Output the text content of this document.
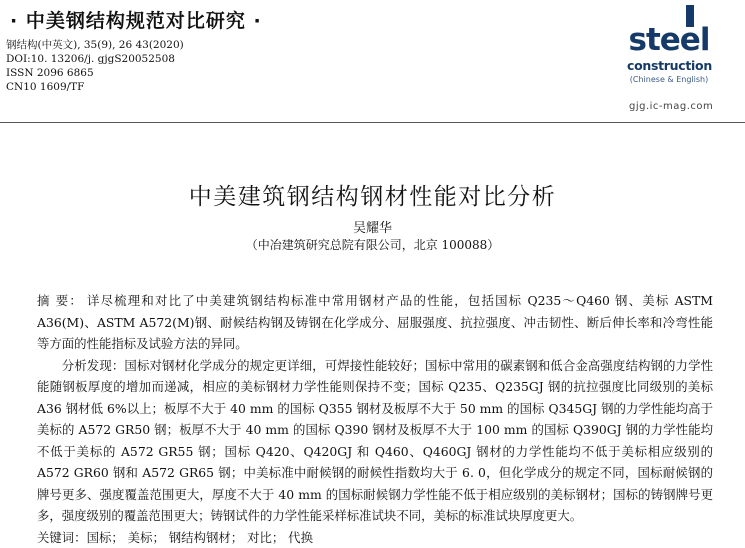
· 中美钢结构规范对比研究 ·
钢结构(中英文), 35(9), 26 43(2020)
DOI:10. 13206/j. gjgS20052508
ISSN 2096 6865
CN10 1609/TF
steel
construction
(Chinese & English)
gjg.ic-mag.com
中美建筑钢结构钢材性能对比分析
吴耀华
（中冶建筑研究总院有限公司，北京 100088）

摘 要： 详尽梳理和对比了中美建筑钢结构标准中常用钢材产品的性能，包括国标 Q235～Q460 钢、美标 ASTM A36(M)、ASTM A572(M)钢、耐候结构钢及铸钢在化学成分、屈服强度、抗拉强度、冲击韧性、断后伸长率和冷弯性能等方面的性能指标及试验方法的异同。

分析发现：国标对钢材化学成分的规定更详细，可焊接性能较好；国标中常用的碳素钢和低合金高强度结构钢的力学性能随钢板厚度的增加而递减，相应的美标钢材力学性能则保持不变；国标 Q235、Q235GJ 钢的抗拉强度比同级别的美标 A36 钢材低 6%以上；板厚不大于 40 mm 的国标 Q355 钢材及板厚不大于 50 mm 的国标 Q345GJ 钢的力学性能均高于美标的 A572 GR50 钢；板厚不大于 40 mm 的国标 Q390 钢材及板厚不大于 100 mm 的国标 Q390GJ 钢的力学性能均不低于美标的 A572 GR55 钢；国标 Q420、Q420GJ 和 Q460、Q460GJ 钢材的力学性能均不低于美标相应级别的 A572 GR60 钢和 A572 GR65 钢；中美标准中耐候钢的耐候性指数均大于 6. 0，但化学成分的规定不同，国标耐候钢的牌号更多、强度覆盖范围更大，厚度不大于 40 mm 的国标耐候钢力学性能不低于相应级别的美标钢材；国标的铸钢牌号更多，强度级别的覆盖范围更大；铸钢试件的力学性能采样标准试块不同，美标的标准试块厚度更大。

关键词：国标； 美标； 钢结构钢材； 对比； 代换
